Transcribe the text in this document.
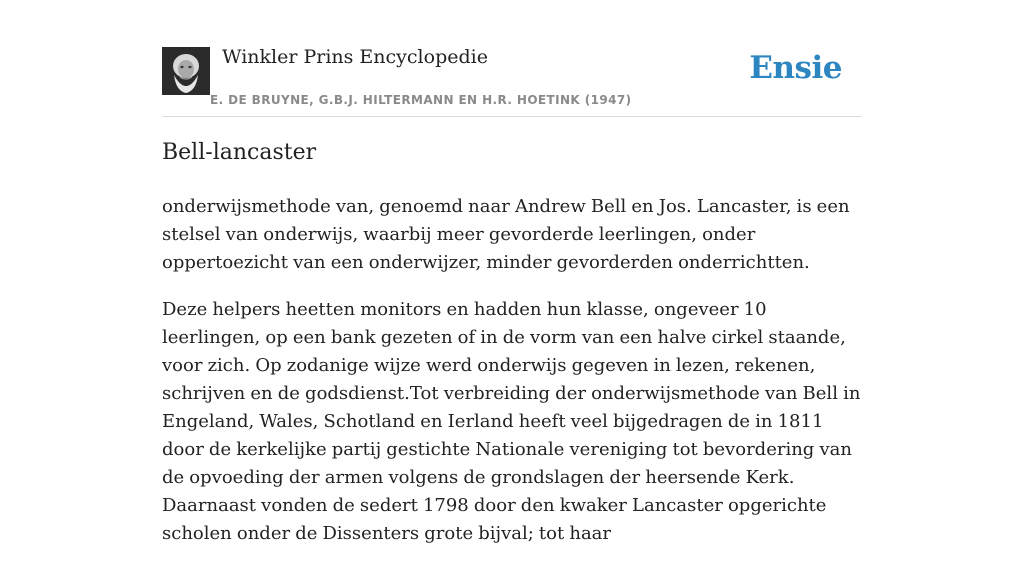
Winkler Prins Encyclopedie
E. DE BRUYNE, G.B.J. HILTERMANN EN H.R. HOETINK (1947)
Ensie
Bell-lancaster

onderwijsmethode van, genoemd naar Andrew Bell en Jos. Lancaster, is een stelsel van onderwijs, waarbij meer gevorderde leerlingen, onder oppertoezicht van een onderwijzer, minder gevorderden onderrichtten.

Deze helpers heetten monitors en hadden hun klasse, ongeveer 10 leerlingen, op een bank gezeten of in de vorm van een halve cirkel staande, voor zich. Op zodanige wijze werd onderwijs gegeven in lezen, rekenen, schrijven en de godsdienst.Tot verbreiding der onderwijsmethode van Bell in Engeland, Wales, Schotland en Ierland heeft veel bijgedragen de in 1811 door de kerkelijke partij gestichte Nationale vereniging tot bevordering van de opvoeding der armen volgens de grondslagen der heersende Kerk. Daarnaast vonden de sedert 1798 door den kwaker Lancaster opgerichte scholen onder de Dissenters grote bijval; tot haar
